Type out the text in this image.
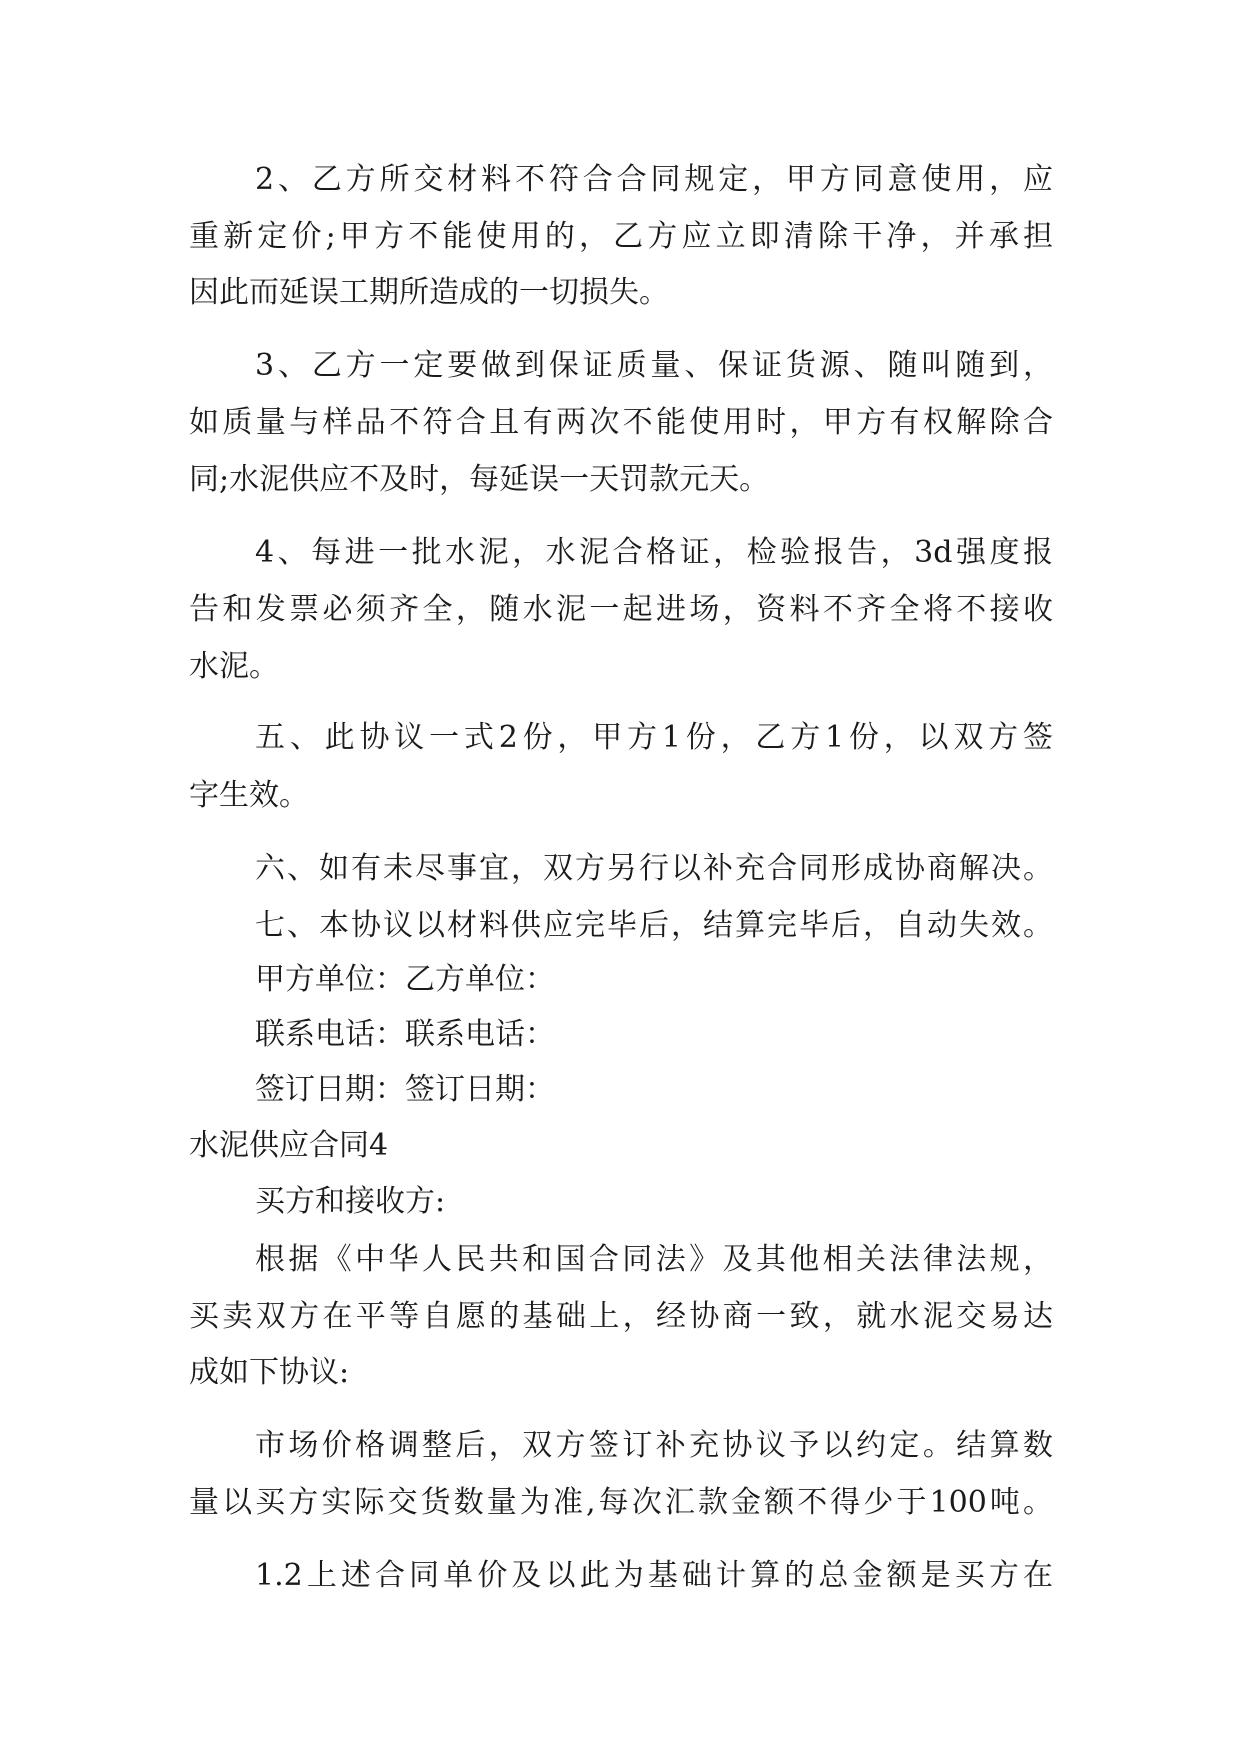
2、乙方所交材料不符合合同规定，甲方同意使用，应
重新定价;甲方不能使用的，乙方应立即清除干净，并承担
因此而延误工期所造成的一切损失。
3、乙方一定要做到保证质量、保证货源、随叫随到，
如质量与样品不符合且有两次不能使用时，甲方有权解除合
同;水泥供应不及时，每延误一天罚款元天。
4、每进一批水泥，水泥合格证，检验报告，3d强度报
告和发票必须齐全，随水泥一起进场，资料不齐全将不接收
水泥。
五、此协议一式2份，甲方1份，乙方1份，以双方签
字生效。
六、如有未尽事宜，双方另行以补充合同形成协商解决。
七、本协议以材料供应完毕后，结算完毕后，自动失效。
甲方单位：乙方单位：
联系电话：联系电话：
签订日期：签订日期：
水泥供应合同4
买方和接收方:
根据《中华人民共和国合同法》及其他相关法律法规，
买卖双方在平等自愿的基础上，经协商一致，就水泥交易达
成如下协议:
市场价格调整后，双方签订补充协议予以约定。结算数
量以买方实际交货数量为准,每次汇款金额不得少于100吨。
1.2上述合同单价及以此为基础计算的总金额是买方在
